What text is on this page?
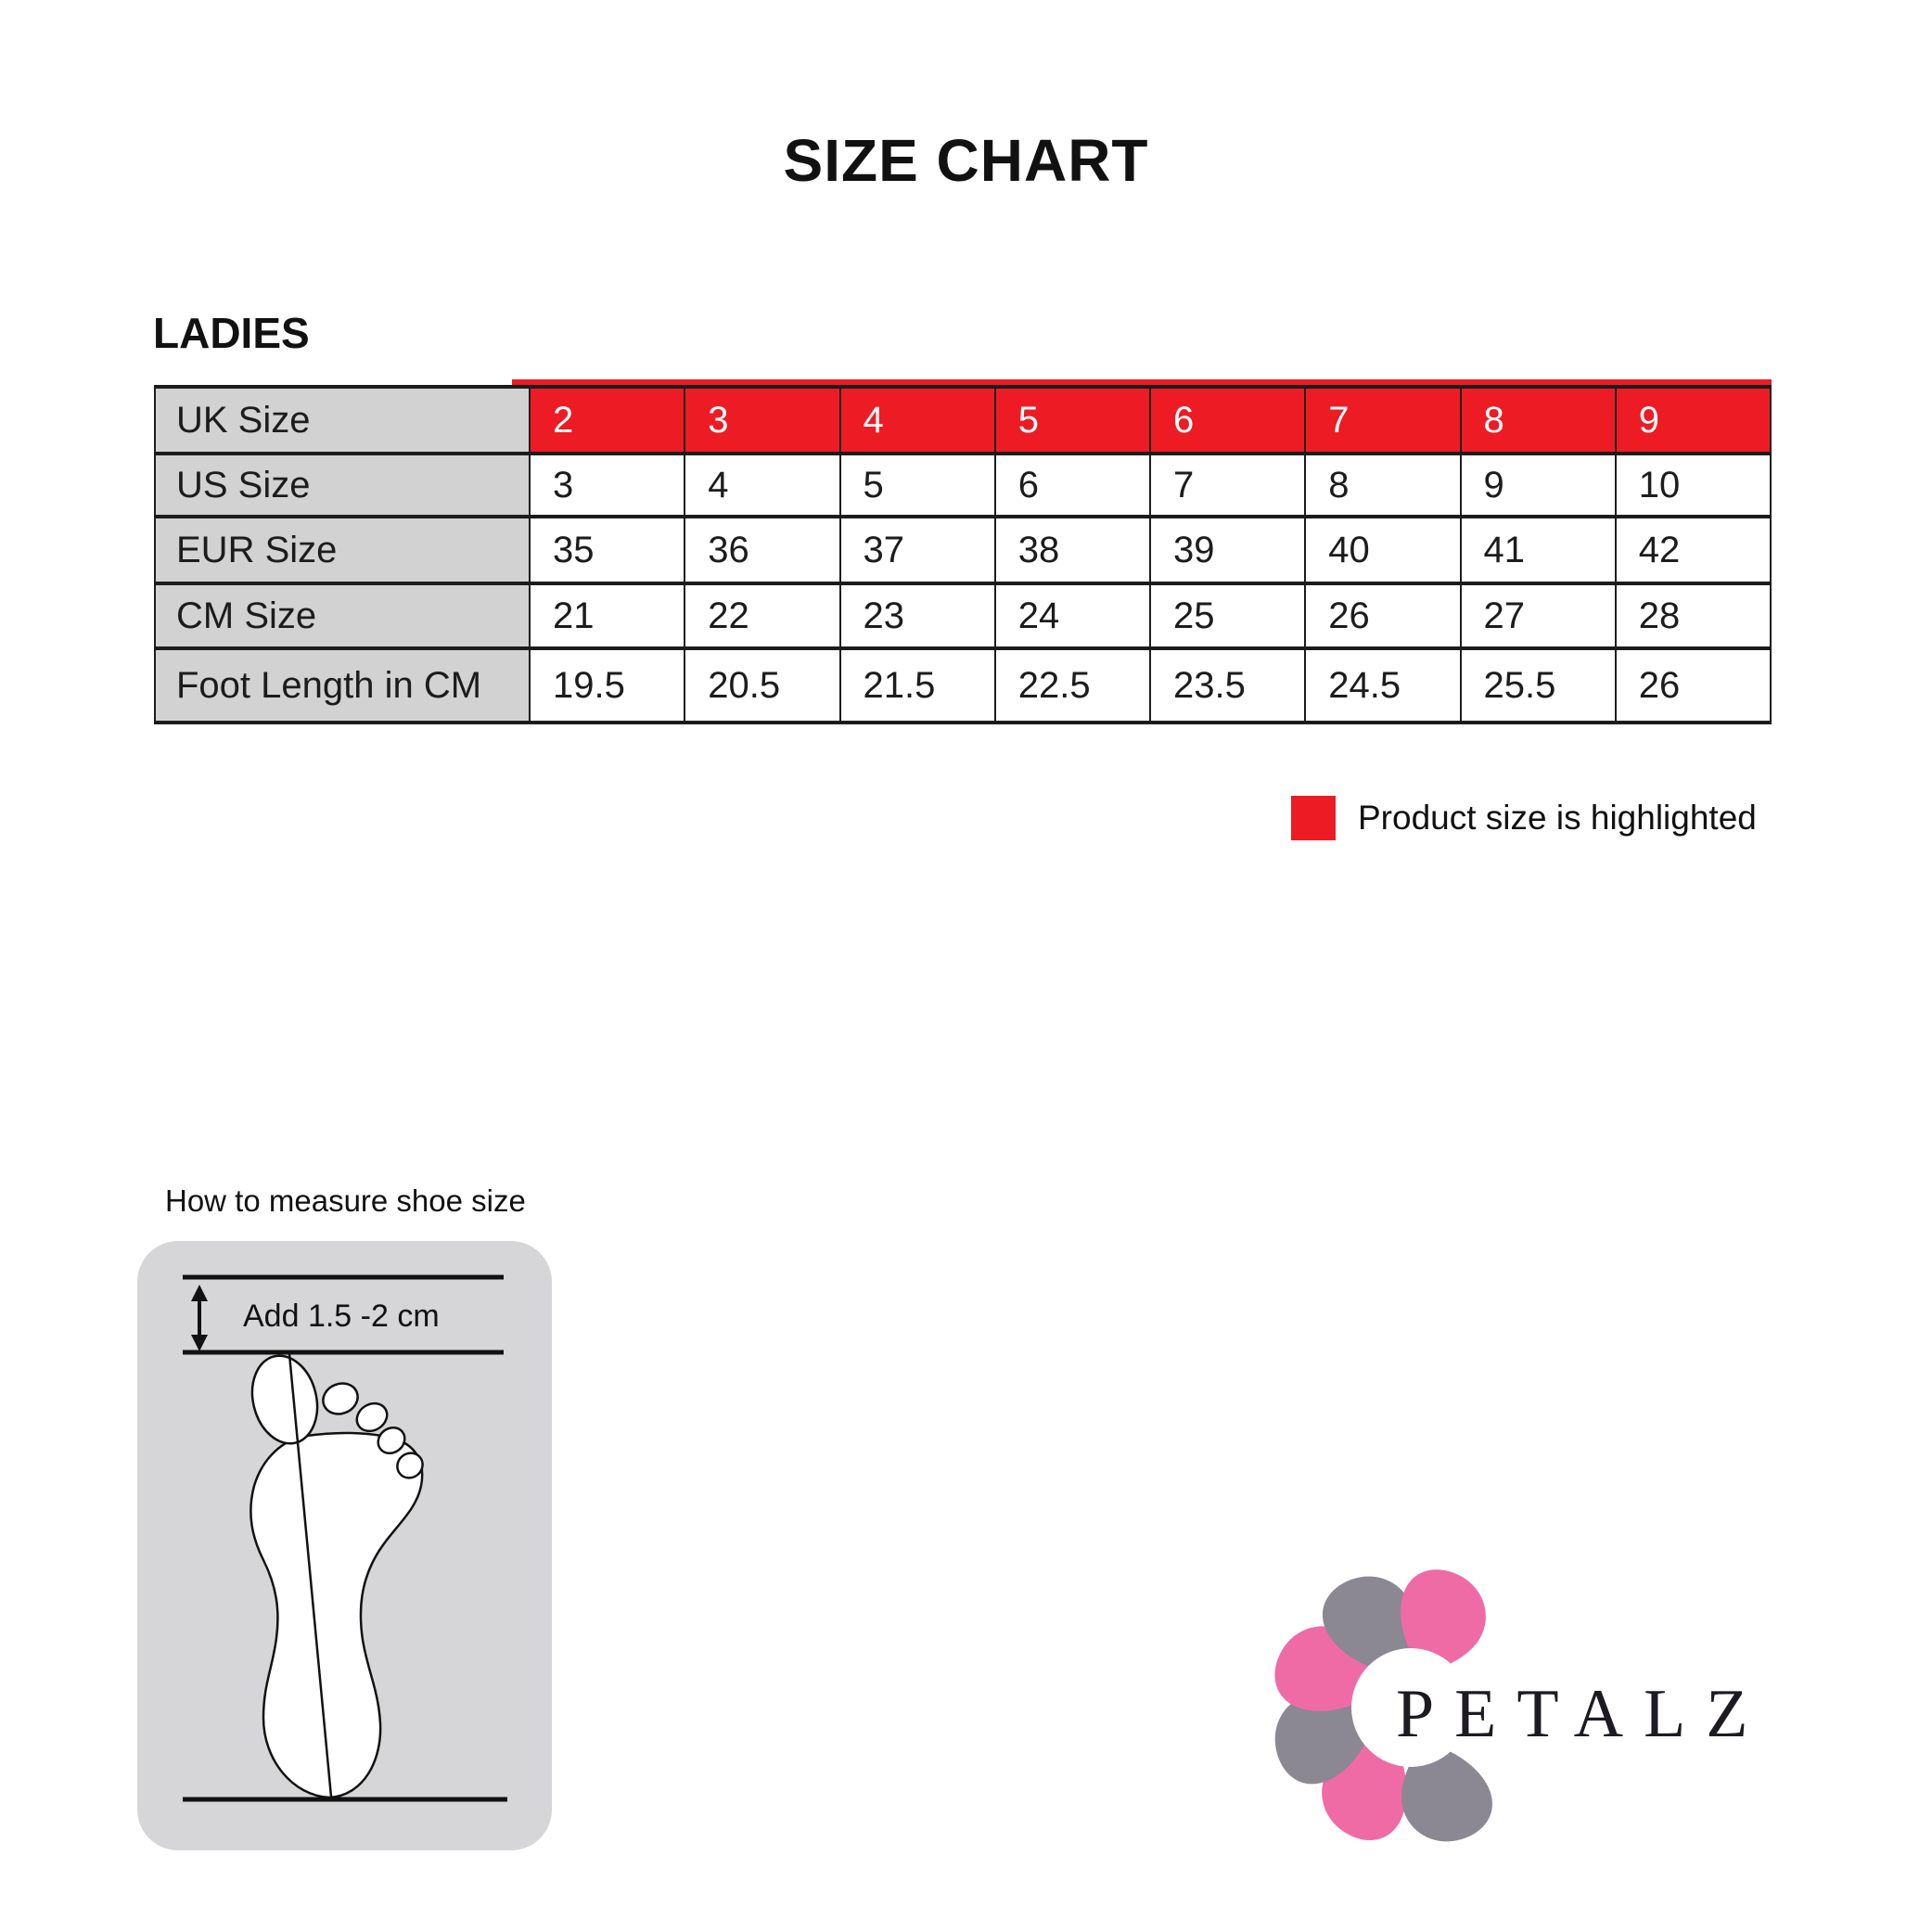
SIZE CHART
LADIES
UK Size	2	3	4	5	6	7	8	9
US Size	3	4	5	6	7	8	9	10
EUR Size	35	36	37	38	39	40	41	42
CM Size	21	22	23	24	25	26	27	28
Foot Length in CM	19.5	20.5	21.5	22.5	23.5	24.5	25.5	26
Product size is highlighted
How to measure shoe size
PETALZ
Add 1.5 -2 cm
